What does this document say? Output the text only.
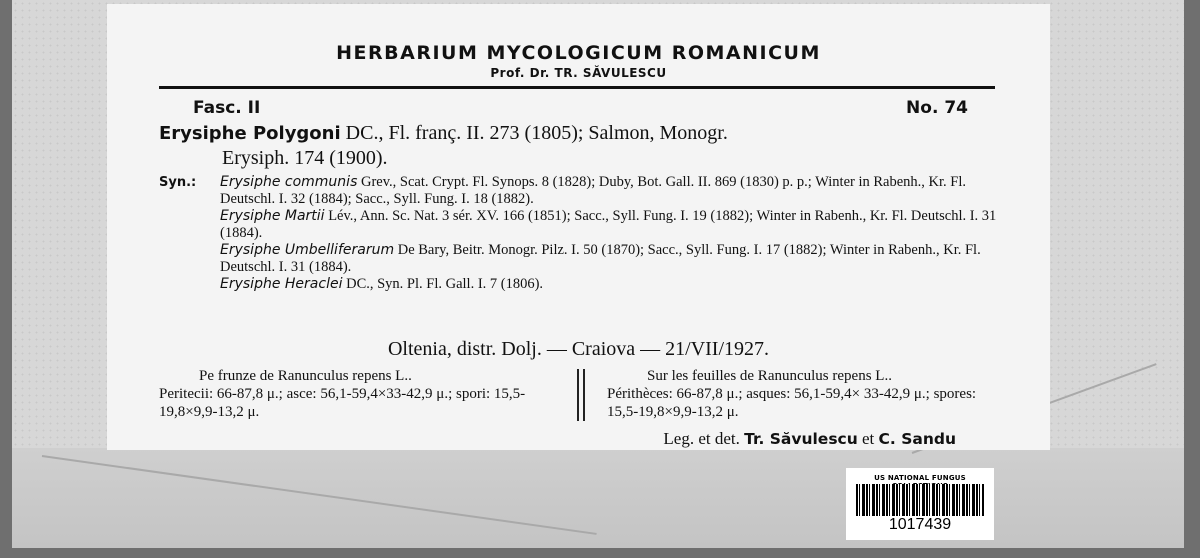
HERBARIUM MYCOLOGICUM ROMANICUM
Prof. Dr. TR. SĂVULESCU
Fasc. II	No. 74
Erysiphe Polygoni DC., Fl. franç. II. 273 (1805); Salmon, Monogr.
Erysiph. 174 (1900).
Syn.: Erysiphe communis Grev., Scat. Crypt. Fl. Synops. 8 (1828); Duby, Bot. Gall. II. 869 (1830) p. p.; Winter in Rabenh., Kr. Fl. Deutschl. I. 32 (1884); Sacc., Syll. Fung. I. 18 (1882).
Erysiphe Martii Lév., Ann. Sc. Nat. 3 sér. XV. 166 (1851); Sacc., Syll. Fung. I. 19 (1882); Winter in Rabenh., Kr. Fl. Deutschl. I. 31 (1884).
Erysiphe Umbelliferarum De Bary, Beitr. Monogr. Pilz. I. 50 (1870); Sacc., Syll. Fung. I. 17 (1882); Winter in Rabenh., Kr. Fl. Deutschl. I. 31 (1884).
Erysiphe Heraclei DC., Syn. Pl. Fl. Gall. I. 7 (1806).
Oltenia, distr. Dolj. — Craiova — 21/VII/1927.
Pe frunze de Ranunculus repens L..
Peritecii: 66-87,8 μ.; asce: 56,1-59,4×33-42,9 μ.; spori: 15,5-19,8×9,9-13,2 μ.
Sur les feuilles de Ranunculus repens L..
Périthèces: 66-87,8 μ.; asques: 56,1-59,4× 33-42,9 μ.; spores: 15,5-19,8×9,9-13,2 μ.
Leg. et det. Tr. Săvulescu et C. Sandu
US NATIONAL FUNGUS
1017439
